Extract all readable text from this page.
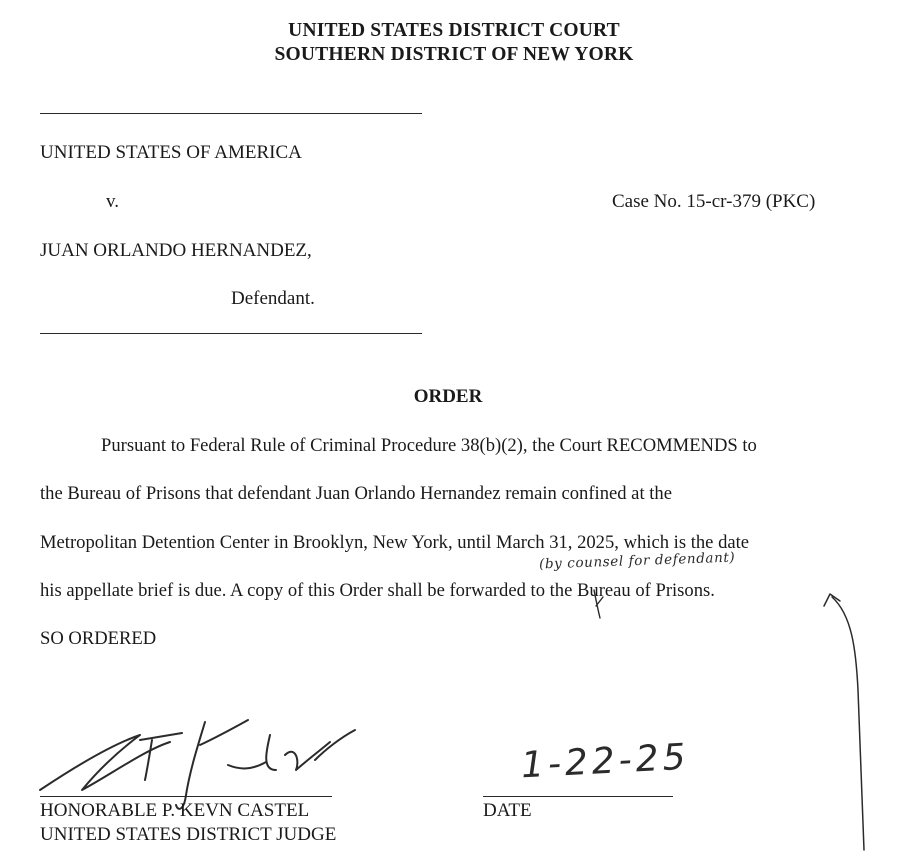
UNITED STATES DISTRICT COURT
SOUTHERN DISTRICT OF NEW YORK
UNITED STATES OF AMERICA
v.	Case No. 15-cr-379 (PKC)
JUAN ORLANDO HERNANDEZ,
Defendant.
ORDER
Pursuant to Federal Rule of Criminal Procedure 38(b)(2), the Court RECOMMENDS to
the Bureau of Prisons that defendant Juan Orlando Hernandez remain confined at the
Metropolitan Detention Center in Brooklyn, New York, until March 31, 2025, which is the date
his appellate brief is due. A copy of this Order shall be forwarded to the Bureau of Prisons.
SO ORDERED
(by counsel for defendant)
1-22-25
HONORABLE P. KEVN CASTEL
UNITED STATES DISTRICT JUDGE
DATE
